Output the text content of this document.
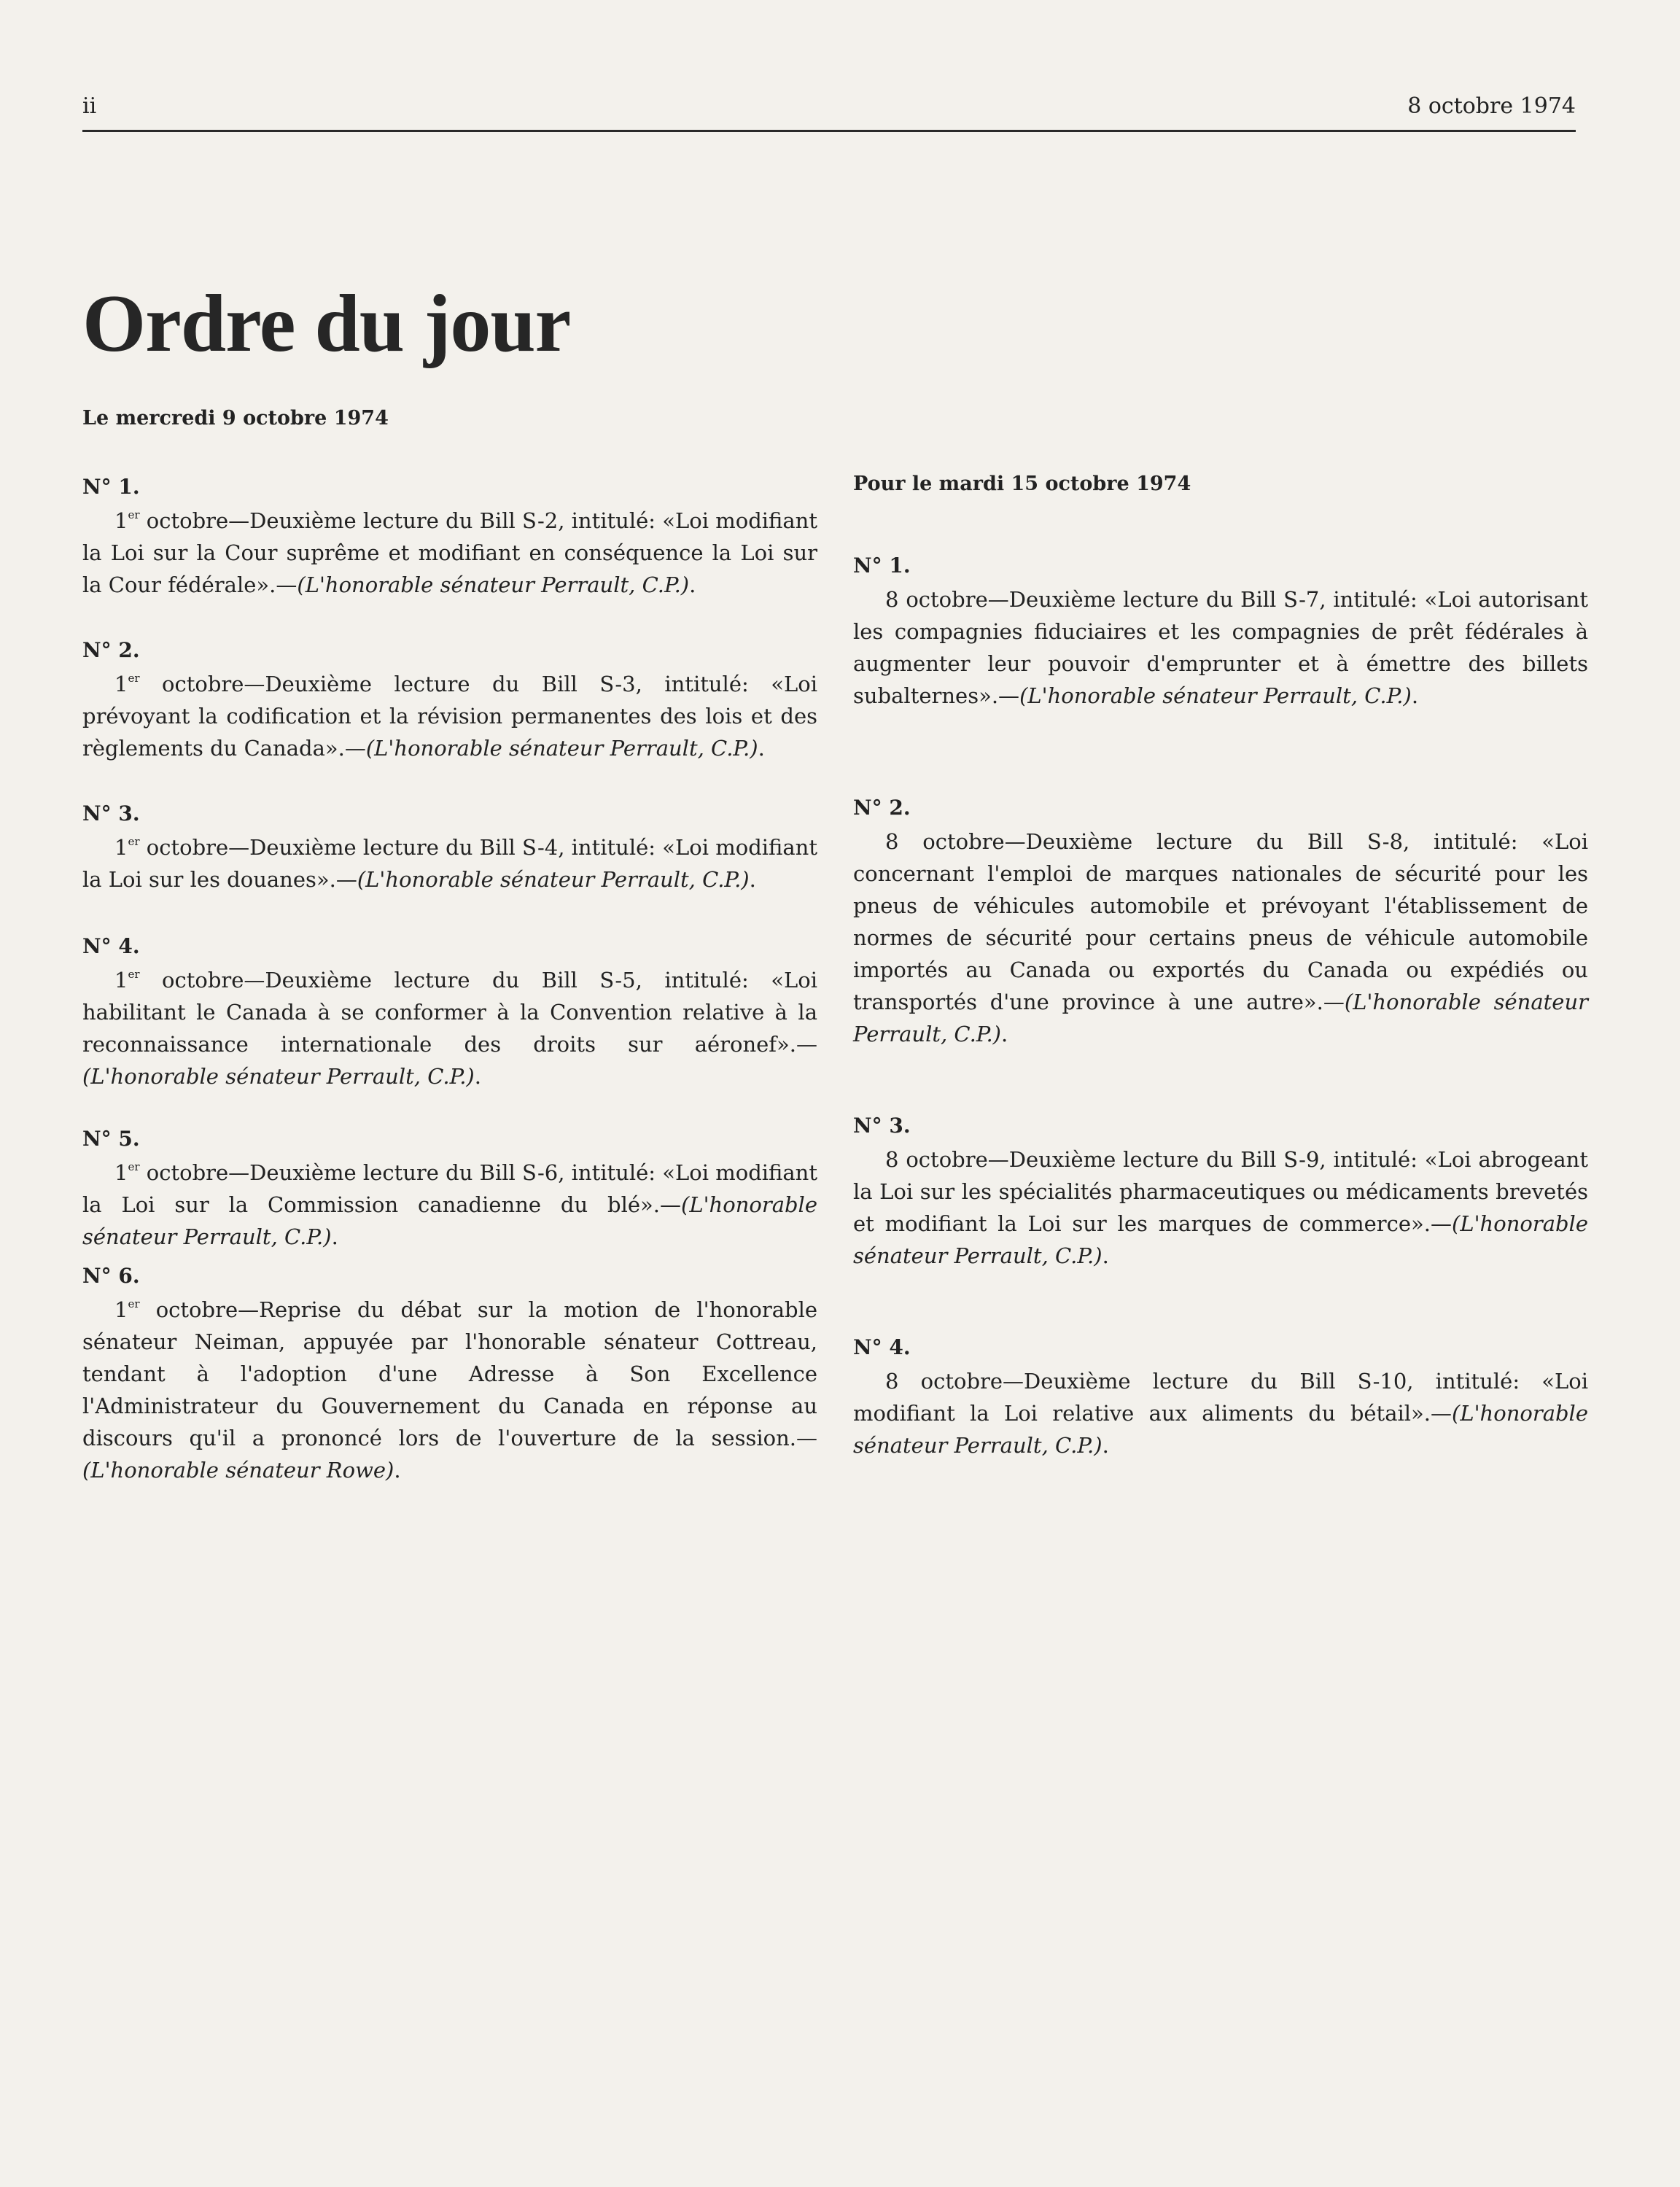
ii	8 octobre 1974
Ordre du jour
Le mercredi 9 octobre 1974
Pour le mardi 15 octobre 1974

N° 1.

1er octobre—Deuxième lecture du Bill S-2, intitulé: «Loi modifiant la Loi sur la Cour suprême et modifiant en conséquence la Loi sur la Cour fédérale».—(L'honorable sénateur Perrault, C.P.).

N° 2.

1er octobre—Deuxième lecture du Bill S-3, intitulé: «Loi prévoyant la codification et la révision permanentes des lois et des règlements du Canada».—(L'honorable sénateur Perrault, C.P.).

N° 3.

1er octobre—Deuxième lecture du Bill S-4, intitulé: «Loi modifiant la Loi sur les douanes».—(L'honorable sénateur Perrault, C.P.).

N° 4.

1er octobre—Deuxième lecture du Bill S-5, intitulé: «Loi habilitant le Canada à se conformer à la Convention relative à la reconnaissance internationale des droits sur aéronef».—(L'honorable sénateur Perrault, C.P.).

N° 5.

1er octobre—Deuxième lecture du Bill S-6, intitulé: «Loi modifiant la Loi sur la Commission canadienne du blé».—(L'honorable sénateur Perrault, C.P.).

N° 6.

1er octobre—Reprise du débat sur la motion de l'honorable sénateur Neiman, appuyée par l'honorable sénateur Cottreau, tendant à l'adoption d'une Adresse à Son Excellence l'Administrateur du Gouvernement du Canada en réponse au discours qu'il a prononcé lors de l'ouverture de la session.—(L'honorable sénateur Rowe).

N° 1.

8 octobre—Deuxième lecture du Bill S-7, intitulé: «Loi autorisant les compagnies fiduciaires et les compagnies de prêt fédérales à augmenter leur pouvoir d'emprunter et à émettre des billets subalternes».—(L'honorable sénateur Perrault, C.P.).

N° 2.

8 octobre—Deuxième lecture du Bill S-8, intitulé: «Loi concernant l'emploi de marques nationales de sécurité pour les pneus de véhicules automobile et prévoyant l'établissement de normes de sécurité pour certains pneus de véhicule automobile importés au Canada ou exportés du Canada ou expédiés ou transportés d'une province à une autre».—(L'honorable sénateur Perrault, C.P.).

N° 3.

8 octobre—Deuxième lecture du Bill S-9, intitulé: «Loi abrogeant la Loi sur les spécialités pharmaceutiques ou médicaments brevetés et modifiant la Loi sur les marques de commerce».—(L'honorable sénateur Perrault, C.P.).

N° 4.

8 octobre—Deuxième lecture du Bill S-10, intitulé: «Loi modifiant la Loi relative aux aliments du bétail».—(L'honorable sénateur Perrault, C.P.).
